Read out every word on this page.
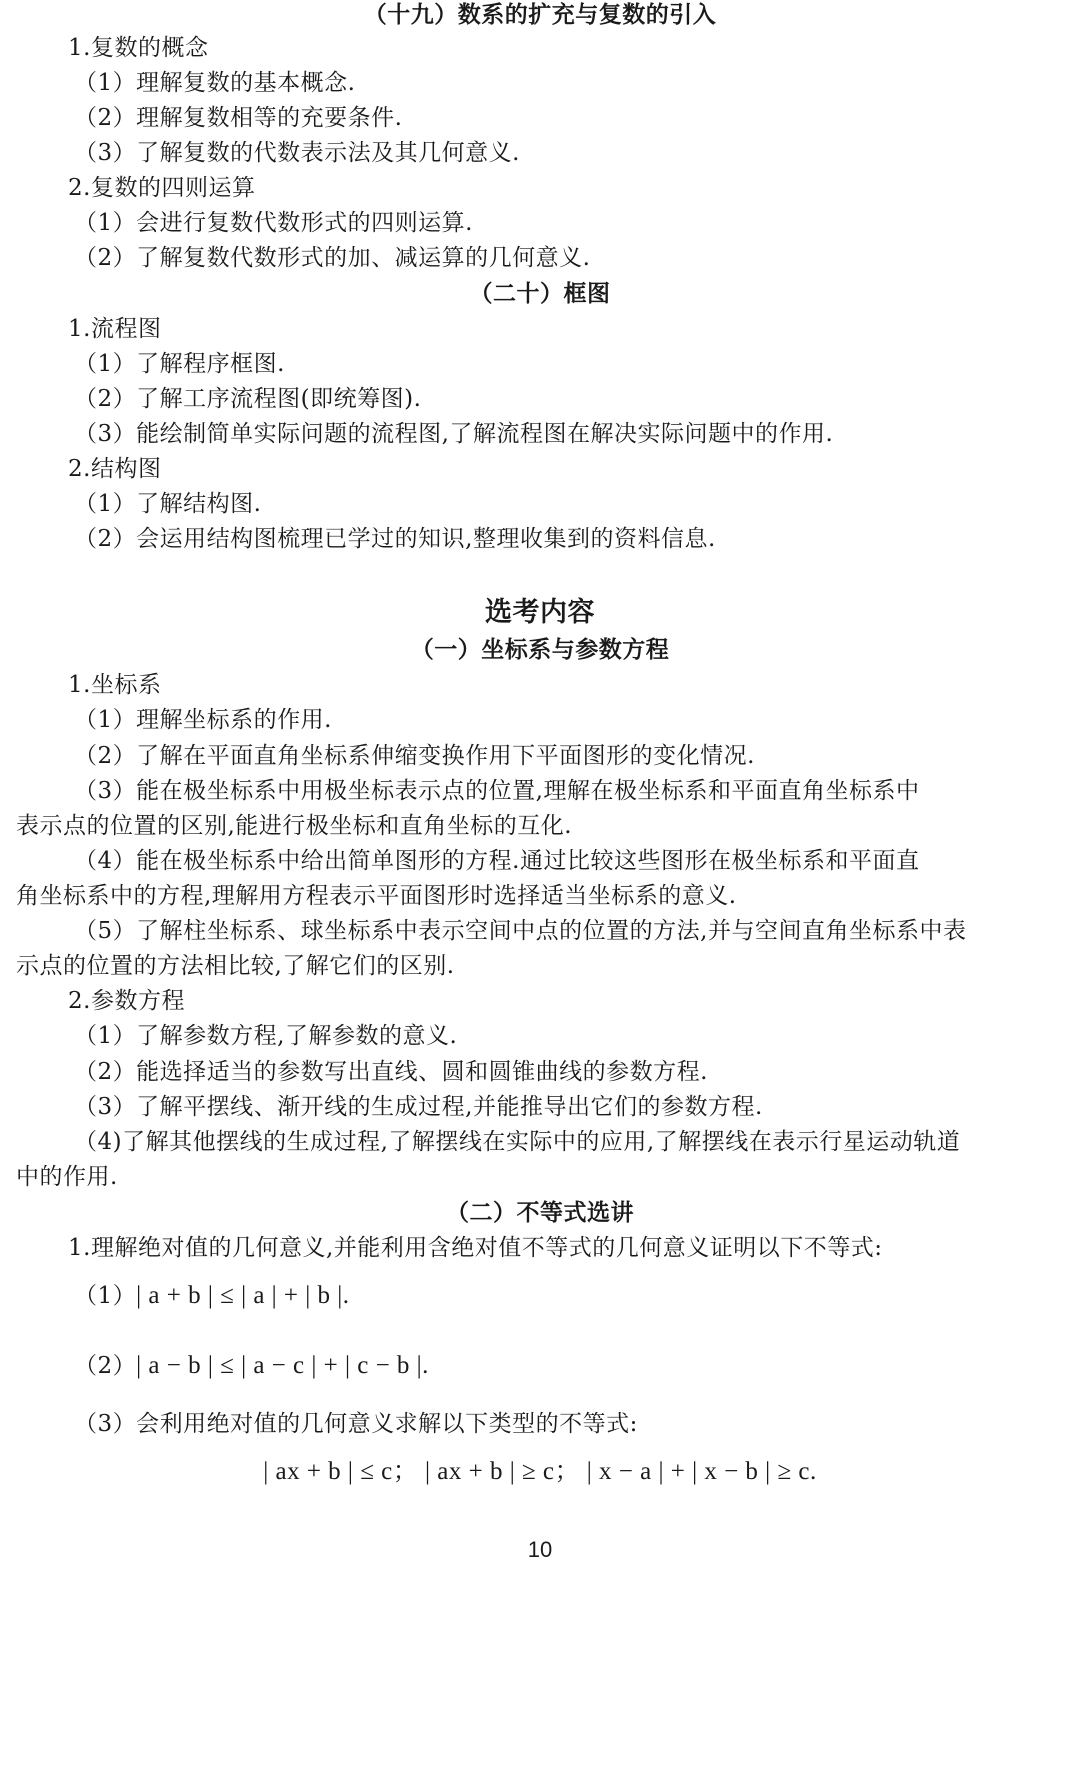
（十九）数系的扩充与复数的引入
1.复数的概念
（1）理解复数的基本概念.
（2）理解复数相等的充要条件.
（3）了解复数的代数表示法及其几何意义.
2.复数的四则运算
（1）会进行复数代数形式的四则运算.
（2）了解复数代数形式的加、减运算的几何意义.
（二十）框图
1.流程图
（1）了解程序框图.
（2）了解工序流程图(即统筹图).
（3）能绘制简单实际问题的流程图,了解流程图在解决实际问题中的作用.
2.结构图
（1）了解结构图.
（2）会运用结构图梳理已学过的知识,整理收集到的资料信息.
选考内容
（一）坐标系与参数方程
1.坐标系
（1）理解坐标系的作用.
（2）了解在平面直角坐标系伸缩变换作用下平面图形的变化情况.
（3）能在极坐标系中用极坐标表示点的位置,理解在极坐标系和平面直角坐标系中
表示点的位置的区别,能进行极坐标和直角坐标的互化.
（4）能在极坐标系中给出简单图形的方程.通过比较这些图形在极坐标系和平面直
角坐标系中的方程,理解用方程表示平面图形时选择适当坐标系的意义.
（5）了解柱坐标系、球坐标系中表示空间中点的位置的方法,并与空间直角坐标系中表
示点的位置的方法相比较,了解它们的区别.
2.参数方程
（1）了解参数方程,了解参数的意义.
（2）能选择适当的参数写出直线、圆和圆锥曲线的参数方程.
（3）了解平摆线、渐开线的生成过程,并能推导出它们的参数方程.
（4)了解其他摆线的生成过程,了解摆线在实际中的应用,了解摆线在表示行星运动轨道
中的作用.
（二）不等式选讲
1.理解绝对值的几何意义,并能利用含绝对值不等式的几何意义证明以下不等式:
（1）| a + b | ≤ | a | + | b |.
（2）| a − b | ≤ | a − c | + | c − b |.
（3）会利用绝对值的几何意义求解以下类型的不等式:
| ax + b | ≤ c； | ax + b | ≥ c； | x − a | + | x − b | ≥ c.
10
